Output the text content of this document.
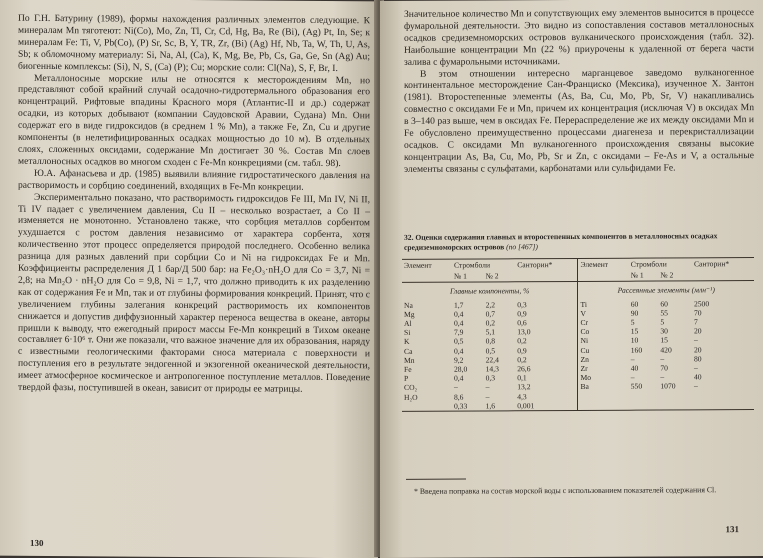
По Г.Н. Батурину (1989), формы нахождения различных элементов следующие. К минералам Mn тяготеют: Ni(Co), Mo, Zn, Tl, Cr, Cd, Hg, Ba, Re (Bi), (Ag) Pt, In, Se; к минералам Fe: Ti, V, Pb(Co), (P) Sr, Sc, B, Y, TR, Zr, (Bi) (Ag) Hf, Nb, Ta, W, Th, U, As, Sb; к обломочному материалу: Si, Na, Al, (Ca), K, Mg, Be, Pb, Cs, Ga, Ge, Sn (Ag) Au; биогенные комплексы: (Si), N, S, (Ca) (P); Cu; морские соли: Cl(Na), S, F, Br, I.

Металлоносные морские илы не относятся к месторождениям Mn, но представляют собой крайний случай осадочно-гидротермального образования его концентраций. Рифтовые впадины Красного моря (Атлантис-II и др.) содержат осадки, из которых добывают (компании Саудовской Аравии, Судана) Mn. Они содержат его в виде гидроксидов (в среднем 1 % Mn), а также Fe, Zn, Cu и другие компоненты (в нелетифицированных осадках мощностью до 10 м). В отдельных слоях, сложенных оксидами, содержание Mn достигает 30 %. Состав Mn слоев металлоносных осадков во многом сходен с Fe-Mn конкрециями (см. табл. 98).

Ю.А. Афанасьева и др. (1985) выявили влияние гидростатического давления на растворимость и сорбцию соединений, входящих в Fe-Mn конкреции.

Экспериментально показано, что растворимость гидроксидов Fe III, Mn IV, Ni II, Ti IV падает с увеличением давления, Cu II – несколько возрастает, а Co II – изменяется не монотонно. Установлено также, что сорбция металлов сорбентом ухудшается с ростом давления независимо от характера сорбента, хотя количественно этот процесс определяется природой последнего. Особенно велика разница для разных давлений при сорбции Co и Ni на гидроксидах Fe и Mn. Коэффициенты распределения Д 1 бар/Д 500 бар: на Fe₂O₃·nH₂O для Co = 3,7, Ni = 2,8; на Mn₂O · nH₂O для Co = 9,8, Ni = 1,7, что должно приводить к их разделению как от содержания Fe и Mn, так и от глубины формирования конкреций. Принят, что с увеличением глубины залегания конкреций растворимость их компонентов снижается и допустив диффузионный характер переноса вещества в океане, авторы пришли к выводу, что ежегодный прирост массы Fe-Mn конкреций в Тихом океане составляет 6·10⁶ т. Они же показали, что важное значение для их образования, наряду с известными геологическими факторами сноса материала с поверхности и поступления его в результате эндогенной и экзогенной океанической деятельности, имеет атмосферное космическое и антропогенное поступление металлов. Поведение твердой фазы, поступившей в океан, зависит от природы ее матрицы.

130

Значительное количество Mn и сопутствующих ему элементов выносится в процессе фумарольной деятельности. Это видно из сопоставления составов металлоносных осадков средиземноморских островов вулканического происхождения (табл. 32). Наибольшие концентрации Mn (22 %) приурочены к удаленной от берега части залива с фумарольными источниками.

В этом отношении интересно марганцевое заведомо вулканогенное континентальное месторождение Сан-Франциско (Мексика), изученное Х. Зантон (1981). Второстепенные элементы (As, Ba, Cu, Mo, Pb, Sr, V) накапливались совместно с оксидами Fe и Mn, причем их концентрация (исключая V) в оксидах Mn в 3–140 раз выше, чем в оксидах Fe. Перераспределение же их между оксидами Mn и Fe обусловлено преимущественно процессами диагенеза и перекристаллизации осадков. С оксидами Mn вулканогенного происхождения связаны высокие концентрации As, Ba, Cu, Mo, Pb, Sr и Zn, с оксидами – Fe-As и V, а остальные элементы связаны с сульфатами, карбонатами или сульфидами Fe.

32. Оценки содержания главных и второстепенных компонентов в металлоносных осадках средиземноморских островов (по [467])
Элемент	Стромболи		Санторин*	Элемент	Стромболи		Санторин*
	№ 1	№ 2			№ 1	№ 2	
Главные компоненты, %				Рассеянные элементы (млн⁻¹)			
Na	1,7	2,2	0,3	Ti	60	60	2500
Mg	0,4	0,7	0,9	V	90	55	70
Al	0,4	0,2	0,6	Cr	5	5	7
Si	7,9	5,1	13,0	Co	15	30	20
K	0,5	0,8	0,2	Ni	10	15	–
Ca	0,4	0,5	0,9	Cu	160	420	20
Mn	9,2	22,4	0,2	Zn	–	–	80
Fe	28,0	14,3	26,6	Zr	40	70	–
P	0,4	0,3	0,1	Mo	–	–	40
CO₂	–	–	13,2	Ba	550	1070	–
H₂O	8,6	–	4,3				
	0,33	1,6	0,001				
* Введена поправка на состав морской воды с использованием показателей содержания Cl.
131
